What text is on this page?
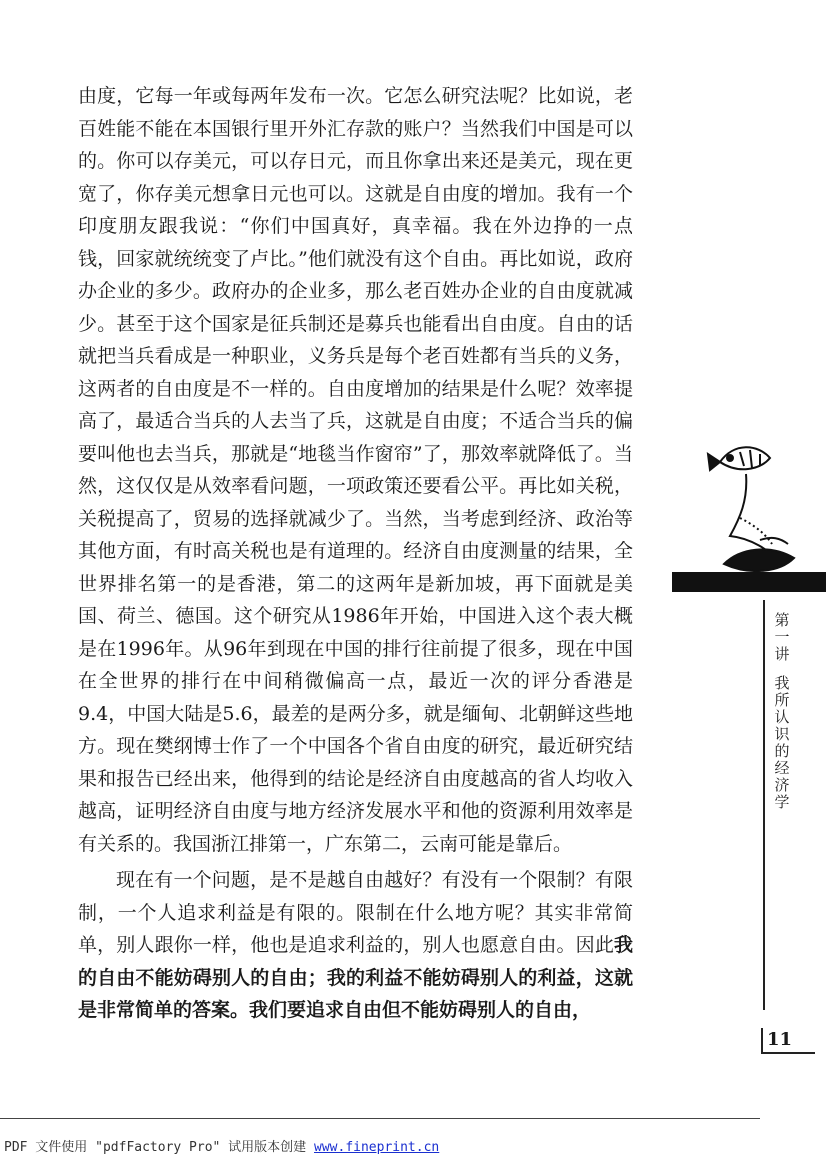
由度，它每一年或每两年发布一次。它怎么研究法呢？比如说，老百姓能不能在本国银行里开外汇存款的账户？当然我们中国是可以的。你可以存美元，可以存日元，而且你拿出来还是美元，现在更宽了，你存美元想拿日元也可以。这就是自由度的增加。我有一个印度朋友跟我说：“你们中国真好，真幸福。我在外边挣的一点钱，回家就统统变了卢比。”他们就没有这个自由。再比如说，政府办企业的多少。政府办的企业多，那么老百姓办企业的自由度就减少。甚至于这个国家是征兵制还是募兵也能看出自由度。自由的话就把当兵看成是一种职业，义务兵是每个老百姓都有当兵的义务，这两者的自由度是不一样的。自由度增加的结果是什么呢？效率提高了，最适合当兵的人去当了兵，这就是自由度；不适合当兵的偏要叫他也去当兵，那就是“地毯当作窗帘”了，那效率就降低了。当然，这仅仅是从效率看问题，一项政策还要看公平。再比如关税，关税提高了，贸易的选择就减少了。当然，当考虑到经济、政治等其他方面，有时高关税也是有道理的。经济自由度测量的结果，全世界排名第一的是香港，第二的这两年是新加坡，再下面就是美国、荷兰、德国。这个研究从1986年开始，中国进入这个表大概是在1996年。从96年到现在中国的排行往前提了很多，现在中国在全世界的排行在中间稍微偏高一点，最近一次的评分香港是9.4，中国大陆是5.6，最差的是两分多，就是缅甸、北朝鲜这些地方。现在樊纲博士作了一个中国各个省自由度的研究，最近研究结果和报告已经出来，他得到的结论是经济自由度越高的省人均收入越高，证明经济自由度与地方经济发展水平和他的资源利用效率是有关系的。我国浙江排第一，广东第二，云南可能是靠后。

现在有一个问题，是不是越自由越好？有没有一个限制？有限制，一个人追求利益是有限的。限制在什么地方呢？其实非常简单，别人跟你一样，他也是追求利益的，别人也愿意自由。因此我的自由不能妨碍别人的自由；我的利益不能妨碍别人的利益，这就是非常简单的答案。我们要追求自由但不能妨碍别人的自由，

第
一
讲
我
所
认
识
的
经
济
学
11
PDF 文件使用 "pdfFactory Pro" 试用版本创建 www.fineprint.cn
